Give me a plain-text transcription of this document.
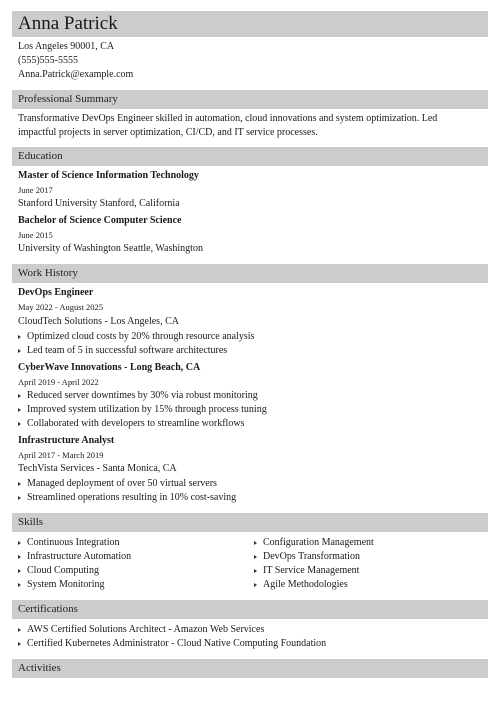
Anna Patrick
Los Angeles 90001, CA
(555)555-5555
Anna.Patrick@example.com
Professional Summary
Transformative DevOps Engineer skilled in automation, cloud innovations and system optimization. Led impactful projects in server optimization, CI/CD, and IT service processes.
Education
Master of Science Information Technology
June 2017
Stanford University Stanford, California
Bachelor of Science Computer Science
June 2015
University of Washington Seattle, Washington
Work History
DevOps Engineer
May 2022 - August 2025
CloudTech Solutions - Los Angeles, CA
Optimized cloud costs by 20% through resource analysis
Led team of 5 in successful software architectures
CyberWave Innovations - Long Beach, CA
April 2019 - April 2022
Reduced server downtimes by 30% via robust monitoring
Improved system utilization by 15% through process tuning
Collaborated with developers to streamline workflows
Infrastructure Analyst
April 2017 - March 2019
TechVista Services - Santa Monica, CA
Managed deployment of over 50 virtual servers
Streamlined operations resulting in 10% cost-saving
Skills
Continuous Integration
Infrastructure Automation
Cloud Computing
System Monitoring
Configuration Management
DevOps Transformation
IT Service Management
Agile Methodologies
Certifications
AWS Certified Solutions Architect - Amazon Web Services
Certified Kubernetes Administrator - Cloud Native Computing Foundation
Activities
